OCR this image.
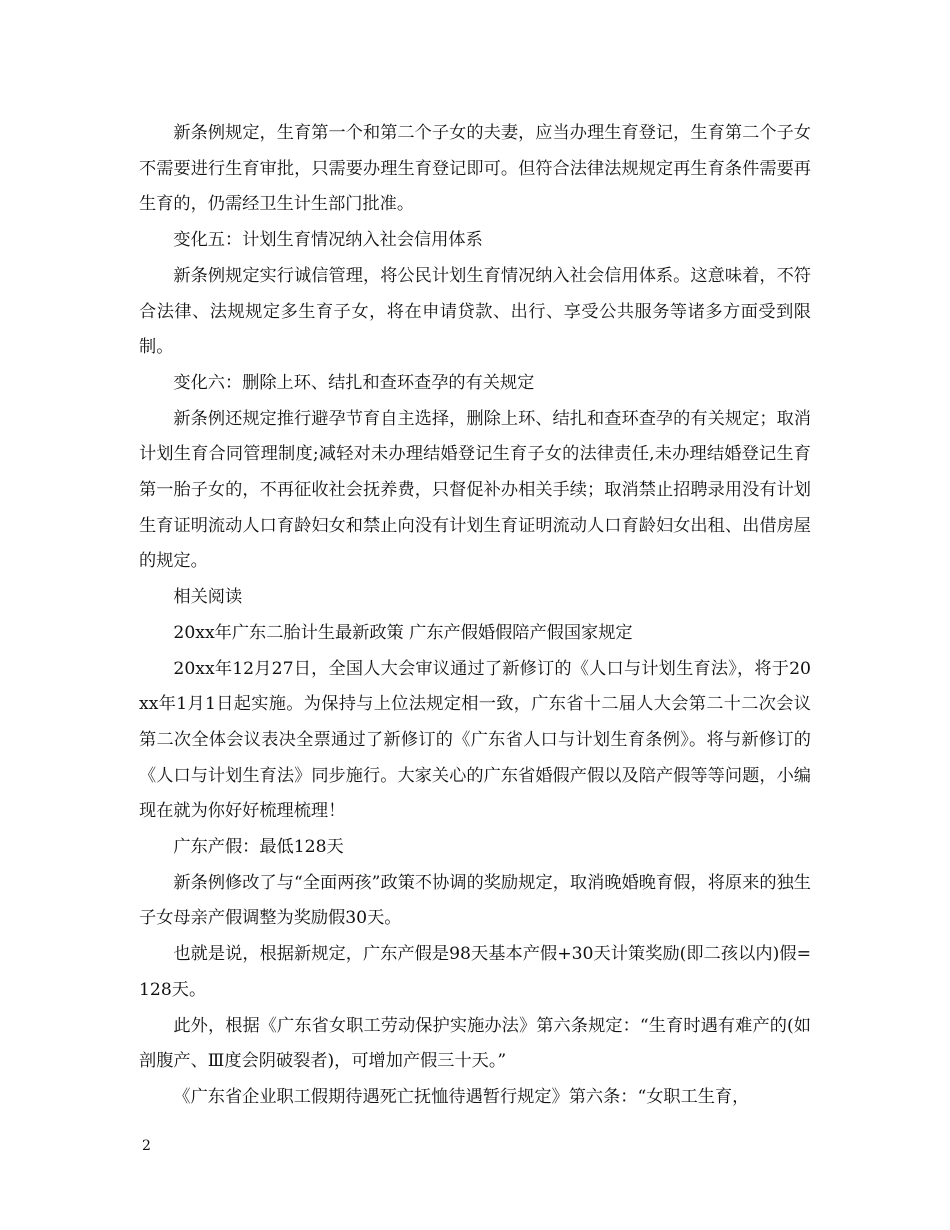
新条例规定，生育第一个和第二个子女的夫妻，应当办理生育登记，生育第二个子女不需要进行生育审批，只需要办理生育登记即可。但符合法律法规规定再生育条件需要再生育的，仍需经卫生计生部门批准。

变化五：计划生育情况纳入社会信用体系

新条例规定实行诚信管理，将公民计划生育情况纳入社会信用体系。这意味着，不符合法律、法规规定多生育子女，将在申请贷款、出行、享受公共服务等诸多方面受到限制。

变化六：删除上环、结扎和查环查孕的有关规定

新条例还规定推行避孕节育自主选择，删除上环、结扎和查环查孕的有关规定；取消计划生育合同管理制度;减轻对未办理结婚登记生育子女的法律责任,未办理结婚登记生育第一胎子女的，不再征收社会抚养费，只督促补办相关手续；取消禁止招聘录用没有计划生育证明流动人口育龄妇女和禁止向没有计划生育证明流动人口育龄妇女出租、出借房屋的规定。

相关阅读

20xx年广东二胎计生最新政策 广东产假婚假陪产假国家规定

20xx年12月27日，全国人大会审议通过了新修订的《人口与计划生育法》，将于20xx年1月1日起实施。为保持与上位法规定相一致，广东省十二届人大会第二十二次会议第二次全体会议表决全票通过了新修订的《广东省人口与计划生育条例》。将与新修订的《人口与计划生育法》同步施行。大家关心的广东省婚假产假以及陪产假等等问题，小编现在就为你好好梳理梳理！

广东产假：最低128天

新条例修改了与“全面两孩”政策不协调的奖励规定，取消晚婚晚育假，将原来的独生子女母亲产假调整为奖励假30天。

也就是说，根据新规定，广东产假是98天基本产假+30天计策奖励(即二孩以内)假=128天。

此外，根据《广东省女职工劳动保护实施办法》第六条规定：“生育时遇有难产的(如剖腹产、Ⅲ度会阴破裂者)，可增加产假三十天。”

《广东省企业职工假期待遇死亡抚恤待遇暂行规定》第六条：“女职工生育，

2
